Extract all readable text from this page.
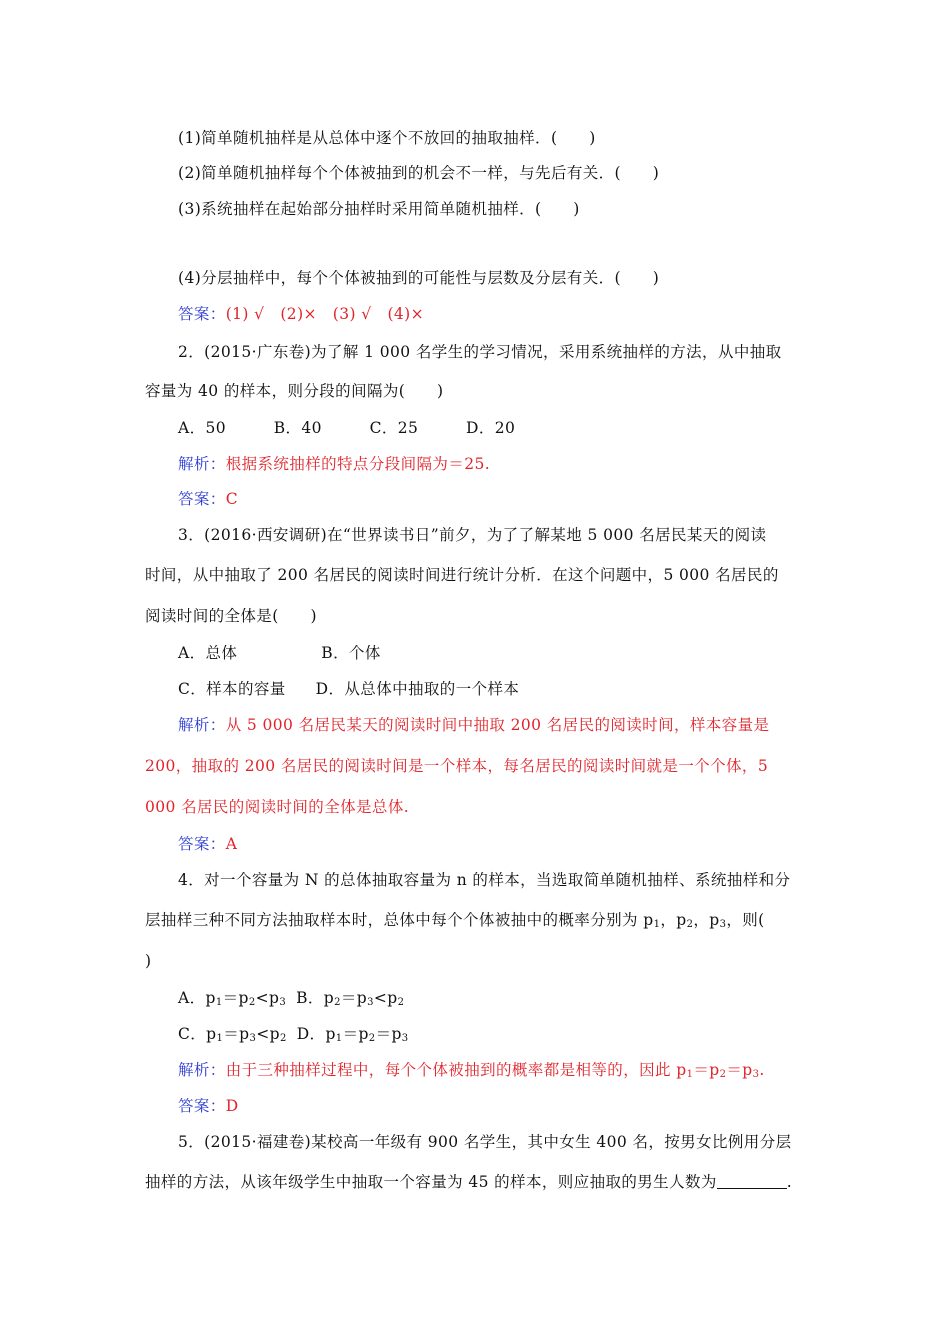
(1)简单随机抽样是从总体中逐个不放回的抽取抽样．(　　)
(2)简单随机抽样每个个体被抽到的机会不一样，与先后有关．(　　)
(3)系统抽样在起始部分抽样时采用简单随机抽样．(　　)
(4)分层抽样中，每个个体被抽到的可能性与层数及分层有关．(　　)
答案：(1) √　(2)×　(3) √　(4)×
2．(2015·广东卷)为了解 1 000 名学生的学习情况，采用系统抽样的方法，从中抽取
容量为 40 的样本，则分段的间隔为(　　)
A．50　　　B．40　　　C．25　　　D．20
解析：根据系统抽样的特点分段间隔为＝25.
答案：C
3．(2016·西安调研)在“世界读书日”前夕，为了了解某地 5 000 名居民某天的阅读
时间，从中抽取了 200 名居民的阅读时间进行统计分析．在这个问题中，5 000 名居民的
阅读时间的全体是(　　)
A．总体	B．个体
C．样本的容量 D．从总体中抽取的一个样本
解析：从 5 000 名居民某天的阅读时间中抽取 200 名居民的阅读时间，样本容量是
200，抽取的 200 名居民的阅读时间是一个样本，每名居民的阅读时间就是一个个体，5
000 名居民的阅读时间的全体是总体.
答案：A
4．对一个容量为 N 的总体抽取容量为 n 的样本，当选取简单随机抽样、系统抽样和分
层抽样三种不同方法抽取样本时，总体中每个个体被抽中的概率分别为 $p_1$，$p_2$，$p_3$，则(
)
A．$p_1=p_2<p_3$ B．$p_2=p_3<p_2$
C．$p_1=p_3<p_2$ D．$p_1=p_2=p_3$
解析：由于三种抽样过程中，每个个体被抽到的概率都是相等的，因此 $p_1=p_2=p_3$.
答案：D
5．(2015·福建卷)某校高一年级有 900 名学生，其中女生 400 名，按男女比例用分层
抽样的方法，从该年级学生中抽取一个容量为 45 的样本，则应抽取的男生人数为	.
